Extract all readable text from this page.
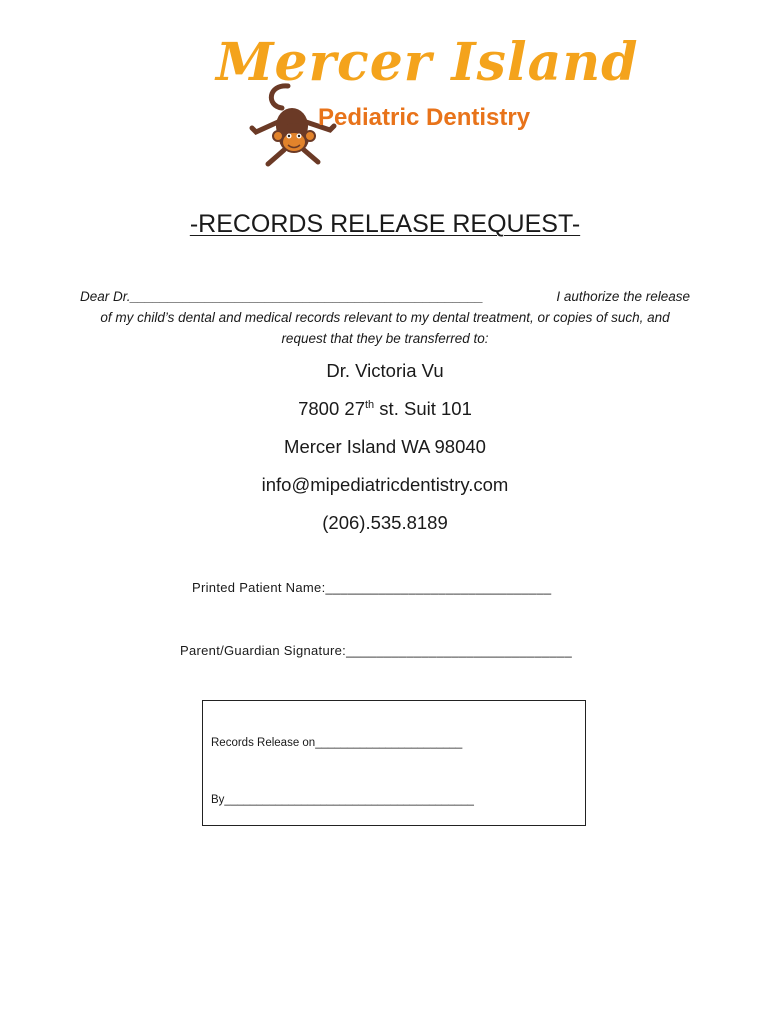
Mercer Island
Pediatric Dentistry
-RECORDS RELEASE REQUEST-
Dear Dr._______________________________________________	I authorize the release
of my child’s dental and medical records relevant to my dental treatment, or copies of such, and
request that they be transferred to:
Dr. Victoria Vu
7800 27th st. Suit 101
Mercer Island WA 98040
info@mipediatricdentistry.com
(206).535.8189
Printed Patient Name:______________________________
Parent/Guardian Signature:______________________________
Records Release on_______________________
By_______________________________________
